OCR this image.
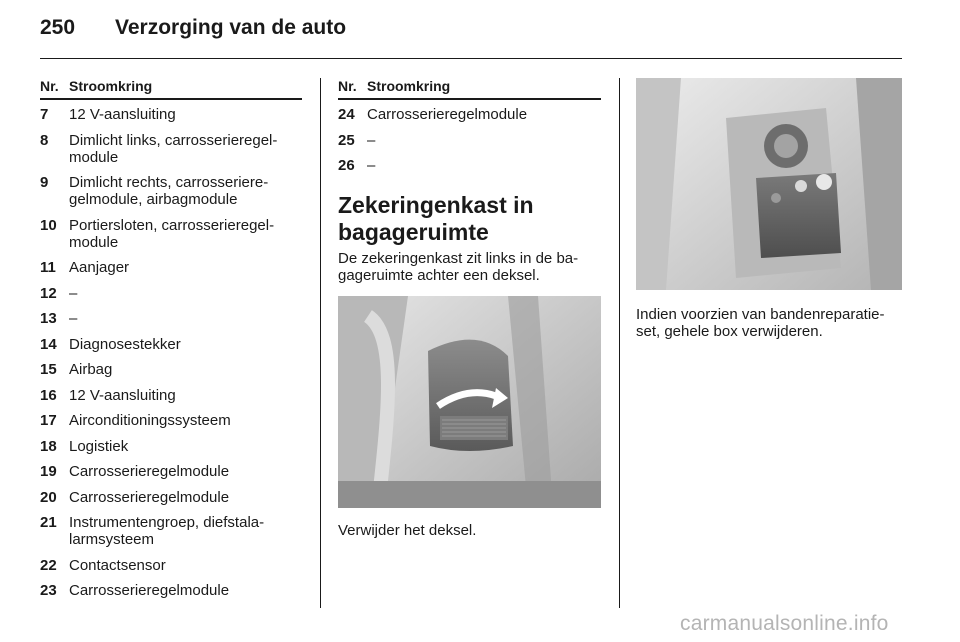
250 Verzorging van de auto
Nr. Stroomkring
7	12 V-aansluiting
8	Dimlicht links, carrosserieregelmodule
9	Dimlicht rechts, carrosserieregelmodule, airbagmodule
10 Portiersloten, carrosserieregelmodule
11 Aanjager
12 –
13 –
14 Diagnosestekker
15 Airbag
16 12 V-aansluiting
17 Airconditioningssysteem
18 Logistiek
19 Carrosserieregelmodule
20 Carrosserieregelmodule
21 Instrumentengroep, diefstalalarmsysteem
22 Contactsensor
23 Carrosserieregelmodule
Nr. Stroomkring
24 Carrosserieregelmodule
25 –
26 –
Zekeringenkast in bagageruimte

De zekeringenkast zit links in de bagageruimte achter een deksel.

Verwijder het deksel.

Indien voorzien van bandenreparatieset, gehele box verwijderen.

carmanualsonline.info
